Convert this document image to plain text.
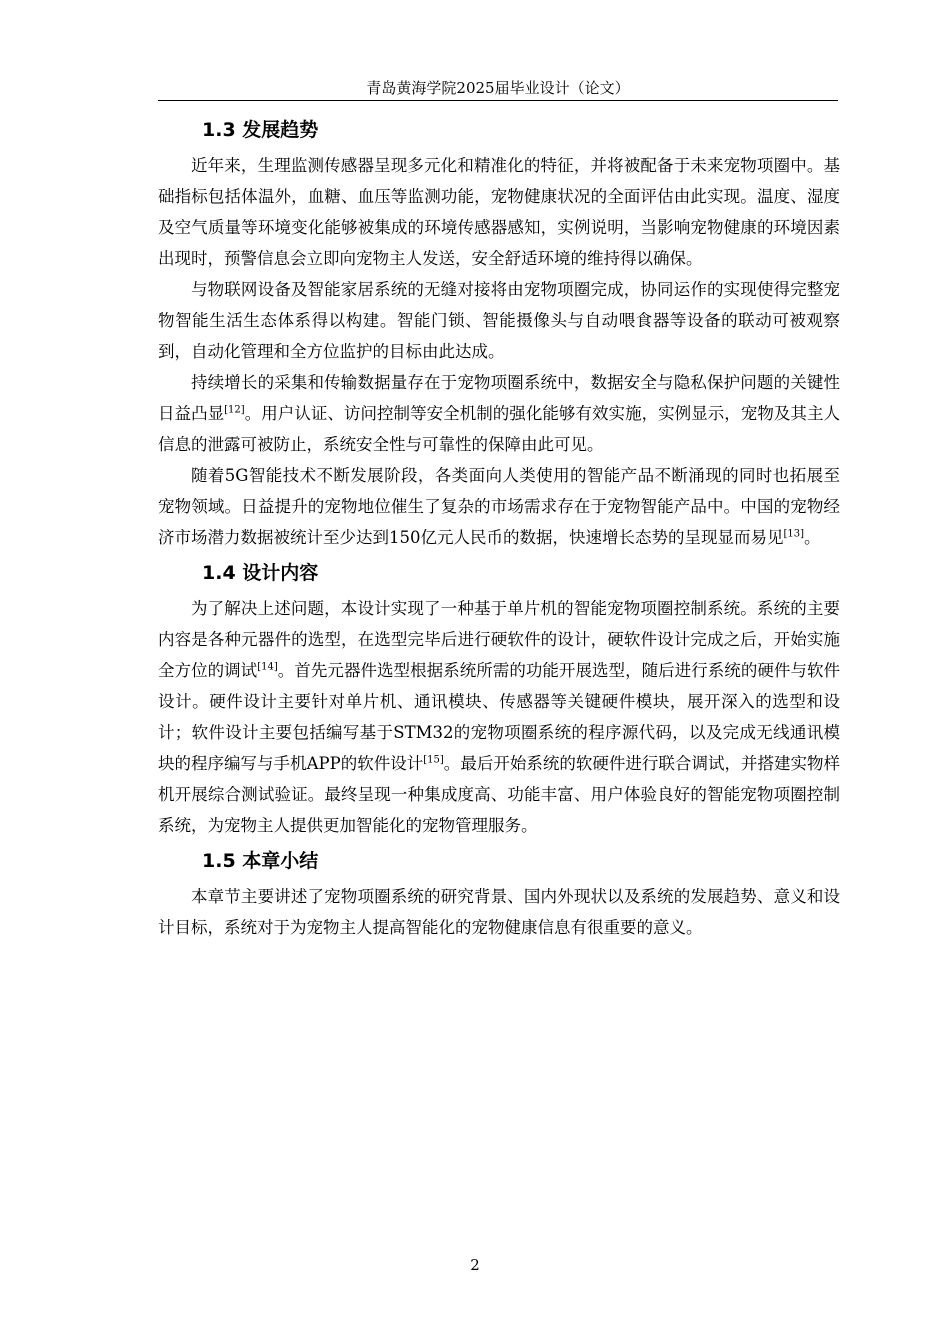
青岛黄海学院2025届毕业设计（论文）
1.3 发展趋势

近年来，生理监测传感器呈现多元化和精准化的特征，并将被配备于未来宠物项圈中。基础指标包括体温外，血糖、血压等监测功能，宠物健康状况的全面评估由此实现。温度、湿度及空气质量等环境变化能够被集成的环境传感器感知，实例说明，当影响宠物健康的环境因素出现时，预警信息会立即向宠物主人发送，安全舒适环境的维持得以确保。

与物联网设备及智能家居系统的无缝对接将由宠物项圈完成，协同运作的实现使得完整宠物智能生活生态体系得以构建。智能门锁、智能摄像头与自动喂食器等设备的联动可被观察到，自动化管理和全方位监护的目标由此达成。

持续增长的采集和传输数据量存在于宠物项圈系统中，数据安全与隐私保护问题的关键性日益凸显[12]。用户认证、访问控制等安全机制的强化能够有效实施，实例显示，宠物及其主人信息的泄露可被防止，系统安全性与可靠性的保障由此可见。

随着5G智能技术不断发展阶段，各类面向人类使用的智能产品不断涌现的同时也拓展至宠物领域。日益提升的宠物地位催生了复杂的市场需求存在于宠物智能产品中。中国的宠物经济市场潜力数据被统计至少达到150亿元人民币的数据，快速增长态势的呈现显而易见[13]。

1.4 设计内容

为了解决上述问题，本设计实现了一种基于单片机的智能宠物项圈控制系统。系统的主要内容是各种元器件的选型，在选型完毕后进行硬软件的设计，硬软件设计完成之后，开始实施全方位的调试[14]。首先元器件选型根据系统所需的功能开展选型，随后进行系统的硬件与软件设计。硬件设计主要针对单片机、通讯模块、传感器等关键硬件模块，展开深入的选型和设计；软件设计主要包括编写基于STM32的宠物项圈系统的程序源代码，以及完成无线通讯模块的程序编写与手机APP的软件设计[15]。最后开始系统的软硬件进行联合调试，并搭建实物样机开展综合测试验证。最终呈现一种集成度高、功能丰富、用户体验良好的智能宠物项圈控制系统，为宠物主人提供更加智能化的宠物管理服务。

1.5 本章小结

本章节主要讲述了宠物项圈系统的研究背景、国内外现状以及系统的发展趋势、意义和设计目标，系统对于为宠物主人提高智能化的宠物健康信息有很重要的意义。

2
